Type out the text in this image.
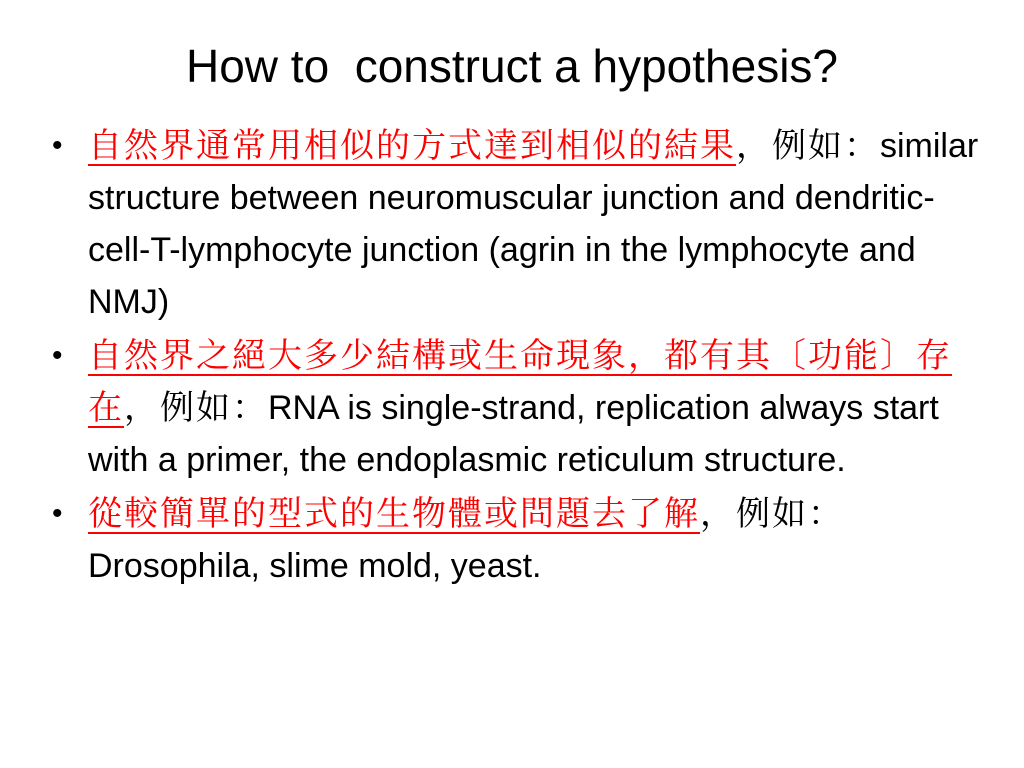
How to  construct a hypothesis?
• 自然界通常用相似的方式達到相似的結果，例如：similar structure between neuromuscular junction and dendritic-cell-T-lymphocyte junction (agrin in the lymphocyte and NMJ)
• 自然界之絕大多少結構或生命現象，都有其〔功能〕存在，例如：RNA is single-strand, replication always start with a primer, the endoplasmic reticulum structure.
• 從較簡單的型式的生物體或問題去了解，例如：Drosophila, slime mold, yeast.
